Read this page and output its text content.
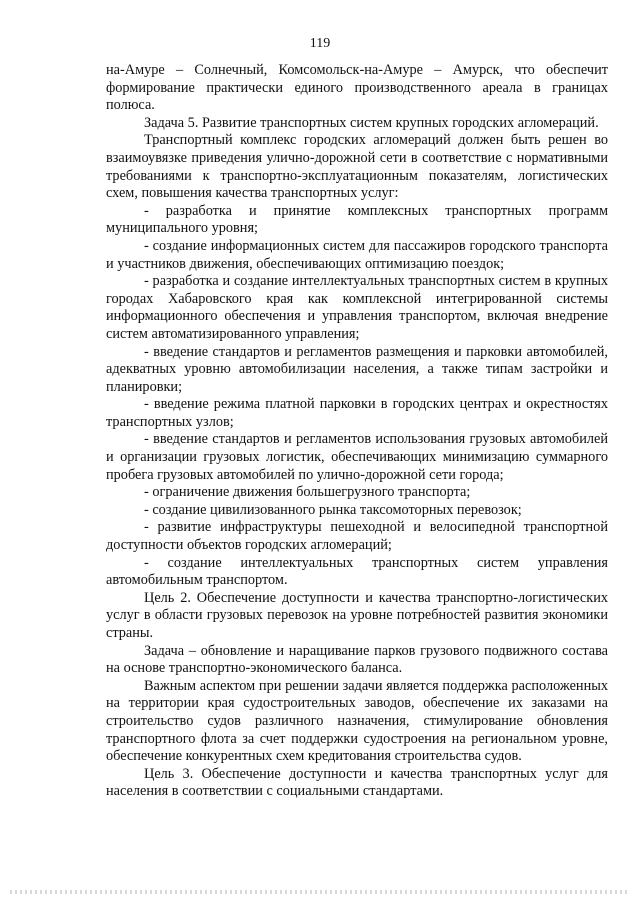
119

на-Амуре – Солнечный, Комсомольск-на-Амуре – Амурск, что обеспечит формирование практически единого производственного ареала в границах полюса.

Задача 5. Развитие транспортных систем крупных городских агломераций.

Транспортный комплекс городских агломераций должен быть решен во взаимоувязке приведения улично-дорожной сети в соответствие с нормативными требованиями к транспортно-эксплуатационным показателям, логистических схем, повышения качества транспортных услуг:

- разработка и принятие комплексных транспортных программ муниципального уровня;

- создание информационных систем для пассажиров городского транспорта и участников движения, обеспечивающих оптимизацию поездок;

- разработка и создание интеллектуальных транспортных систем в крупных городах Хабаровского края как комплексной интегрированной системы информационного обеспечения и управления транспортом, включая внедрение систем автоматизированного управления;

- введение стандартов и регламентов размещения и парковки автомобилей, адекватных уровню автомобилизации населения, а также типам застройки и планировки;

- введение режима платной парковки в городских центрах и окрестностях транспортных узлов;

- введение стандартов и регламентов использования грузовых автомобилей и организации грузовых логистик, обеспечивающих минимизацию суммарного пробега грузовых автомобилей по улично-дорожной сети города;

- ограничение движения большегрузного транспорта;

- создание цивилизованного рынка таксомоторных перевозок;

- развитие инфраструктуры пешеходной и велосипедной транспортной доступности объектов городских агломераций;

- создание интеллектуальных транспортных систем управления автомобильным транспортом.

Цель 2. Обеспечение доступности и качества транспортно-логистических услуг в области грузовых перевозок на уровне потребностей развития экономики страны.

Задача – обновление и наращивание парков грузового подвижного состава на основе транспортно-экономического баланса.

Важным аспектом при решении задачи является поддержка расположенных на территории края судостроительных заводов, обеспечение их заказами на строительство судов различного назначения, стимулирование обновления транспортного флота за счет поддержки судостроения на региональном уровне, обеспечение конкурентных схем кредитования строительства судов.

Цель 3. Обеспечение доступности и качества транспортных услуг для населения в соответствии с социальными стандартами.
